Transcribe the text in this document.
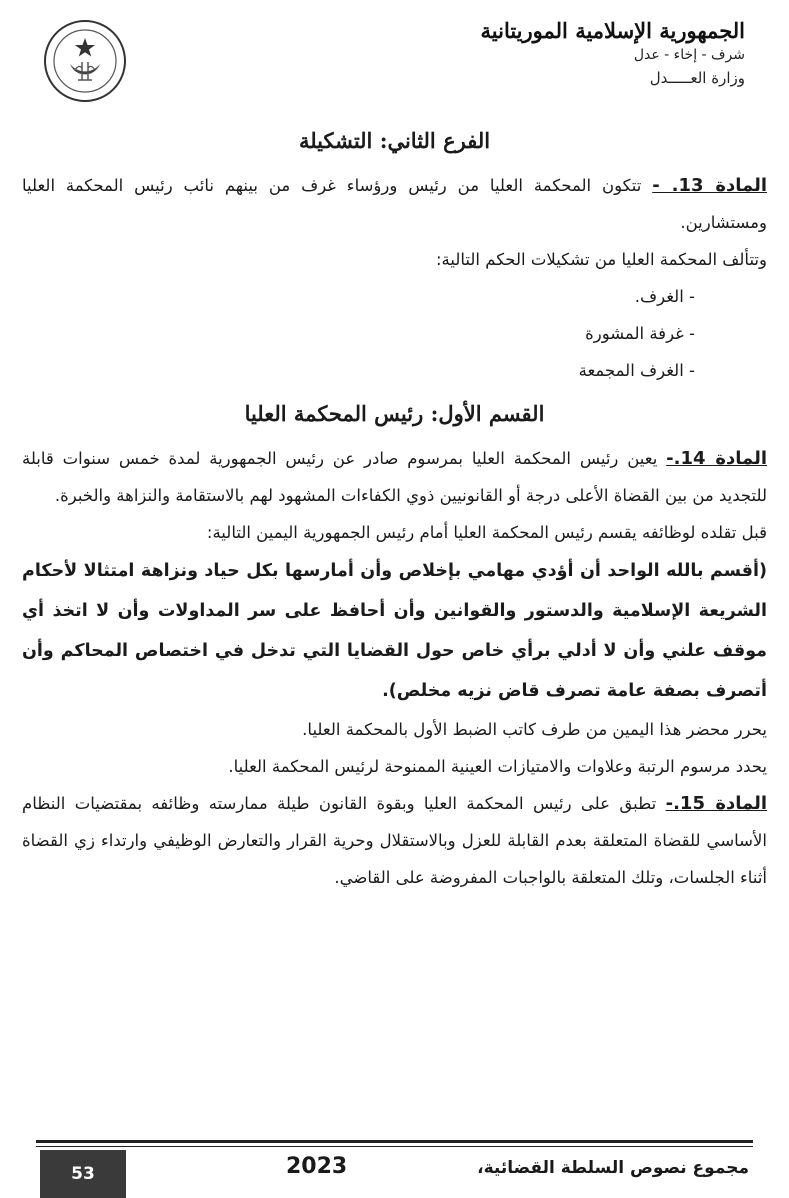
الجمهورية الإسلامية الموريتانية
شرف - إخاء - عدل
وزارة العـــــدل
الفرع الثاني: التشكيلة
المادة 13. - تتكون المحكمة العليا من رئيس ورؤساء غرف من بينهم نائب رئيس المحكمة العليا ومستشارين.
وتتألف المحكمة العليا من تشكيلات الحكم التالية:
- الغرف.
- غرفة المشورة
- الغرف المجمعة
القسم الأول: رئيس المحكمة العليا
المادة 14.- يعين رئيس المحكمة العليا بمرسوم صادر عن رئيس الجمهورية لمدة خمس سنوات قابلة للتجديد من بين القضاة الأعلى درجة أو القانونيين ذوي الكفاءات المشهود لهم بالاستقامة والنزاهة والخبرة.
قبل تقلده لوظائفه يقسم رئيس المحكمة العليا أمام رئيس الجمهورية اليمين التالية:
(أقسم بالله الواحد أن أؤدي مهامي بإخلاص وأن أمارسها بكل حياد ونزاهة امتثالا لأحكام الشريعة الإسلامية والدستور والقوانين وأن أحافظ على سر المداولات وأن لا اتخذ أي موقف علني وأن لا أدلي برأي خاص حول القضايا التي تدخل في اختصاص المحاكم وأن أتصرف بصفة عامة تصرف قاض نزيه مخلص).
يحرر محضر هذا اليمين من طرف كاتب الضبط الأول بالمحكمة العليا.
يحدد مرسوم الرتبة وعلاوات والامتيازات العينية الممنوحة لرئيس المحكمة العليا.
المادة 15.- تطبق على رئيس المحكمة العليا وبقوة القانون طيلة ممارسته وظائفه بمقتضيات النظام الأساسي للقضاة المتعلقة بعدم القابلة للعزل وبالاستقلال وحرية القرار والتعارض الوظيفي وارتداء زي القضاة أثناء الجلسات، وتلك المتعلقة بالواجبات المفروضة على القاضي.
53	2023	مجموع نصوص السلطة القضائية،
